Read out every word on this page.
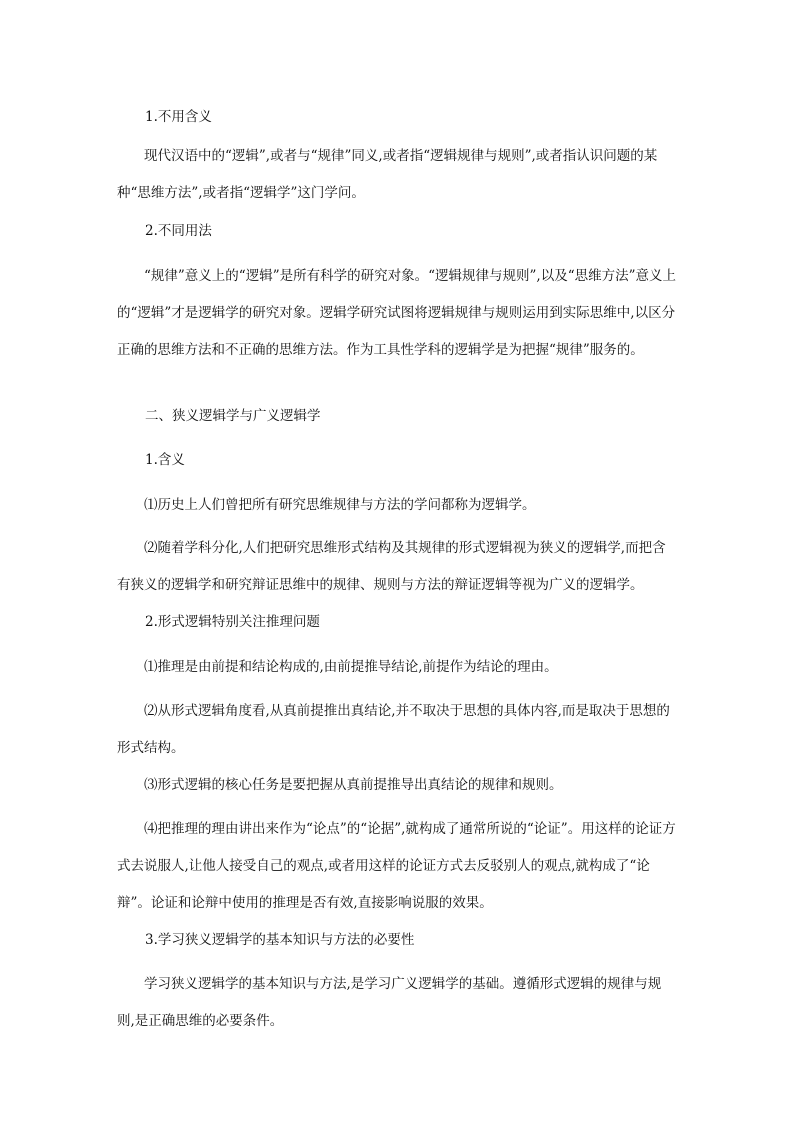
1.不用含义

现代汉语中的“逻辑”,或者与“规律”同义,或者指“逻辑规律与规则”,或者指认识问题的某种“思维方法”,或者指“逻辑学”这门学问。

2.不同用法

“规律”意义上的“逻辑”是所有科学的研究对象。“逻辑规律与规则”,以及“思维方法”意义上的“逻辑”才是逻辑学的研究对象。逻辑学研究试图将逻辑规律与规则运用到实际思维中,以区分正确的思维方法和不正确的思维方法。作为工具性学科的逻辑学是为把握“规律”服务的。

二、狭义逻辑学与广义逻辑学

1.含义

⑴历史上人们曾把所有研究思维规律与方法的学问都称为逻辑学。

⑵随着学科分化,人们把研究思维形式结构及其规律的形式逻辑视为狭义的逻辑学,而把含有狭义的逻辑学和研究辩证思维中的规律、规则与方法的辩证逻辑等视为广义的逻辑学。

2.形式逻辑特别关注推理问题

⑴推理是由前提和结论构成的,由前提推导结论,前提作为结论的理由。

⑵从形式逻辑角度看,从真前提推出真结论,并不取决于思想的具体内容,而是取决于思想的形式结构。

⑶形式逻辑的核心任务是要把握从真前提推导出真结论的规律和规则。

⑷把推理的理由讲出来作为“论点”的“论据”,就构成了通常所说的“论证”。用这样的论证方式去说服人,让他人接受自己的观点,或者用这样的论证方式去反驳别人的观点,就构成了“论辩”。论证和论辩中使用的推理是否有效,直接影响说服的效果。

3.学习狭义逻辑学的基本知识与方法的必要性

学习狭义逻辑学的基本知识与方法,是学习广义逻辑学的基础。遵循形式逻辑的规律与规则,是正确思维的必要条件。
